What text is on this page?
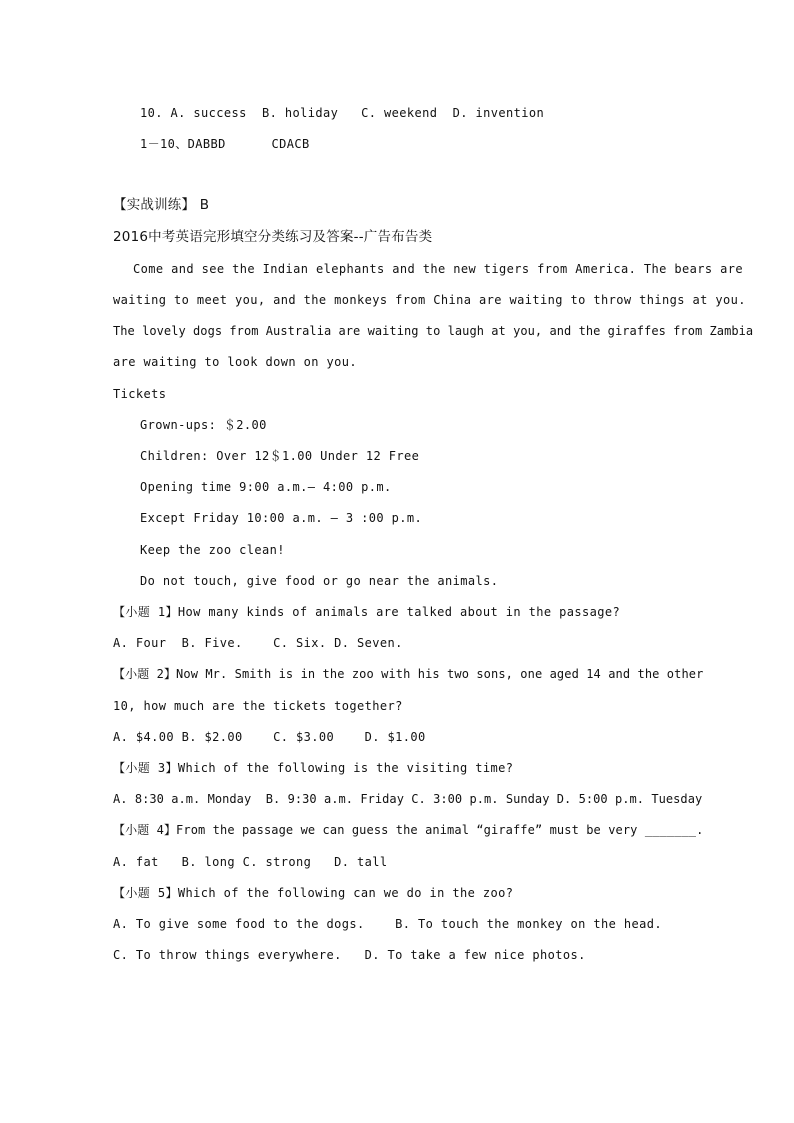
10. A. success  B. holiday   C. weekend  D. invention
1－10、DABBD      CDACB
【实战训练】 B
2016中考英语完形填空分类练习及答案--广告布告类
Come and see the Indian elephants and the new tigers from America. The bears are
waiting to meet you, and the monkeys from China are waiting to throw things at you.
The lovely dogs from Australia are waiting to laugh at you, and the giraffes from Zambia
are waiting to look down on you.
Tickets
Grown-ups: ＄2.00
Children: Over 12＄1.00 Under 12 Free
Opening time 9:00 a.m.— 4:00 p.m.
Except Friday 10:00 a.m. — 3 :00 p.m.
Keep the zoo clean!
Do not touch, give food or go near the animals.
【小题 1】How many kinds of animals are talked about in the passage?
A. Four  B. Five.    C. Six. D. Seven.
【小题 2】Now Mr. Smith is in the zoo with his two sons, one aged 14 and the other
10, how much are the tickets together?
A. $4.00 B. $2.00    C. $3.00    D. $1.00
【小题 3】Which of the following is the visiting time?
A. 8:30 a.m. Monday  B. 9:30 a.m. Friday C. 3:00 p.m. Sunday D. 5:00 p.m. Tuesday
【小题 4】From the passage we can guess the animal “giraffe” must be very _______.
A. fat   B. long C. strong   D. tall
【小题 5】Which of the following can we do in the zoo?
A. To give some food to the dogs.    B. To touch the monkey on the head.
C. To throw things everywhere.   D. To take a few nice photos.
